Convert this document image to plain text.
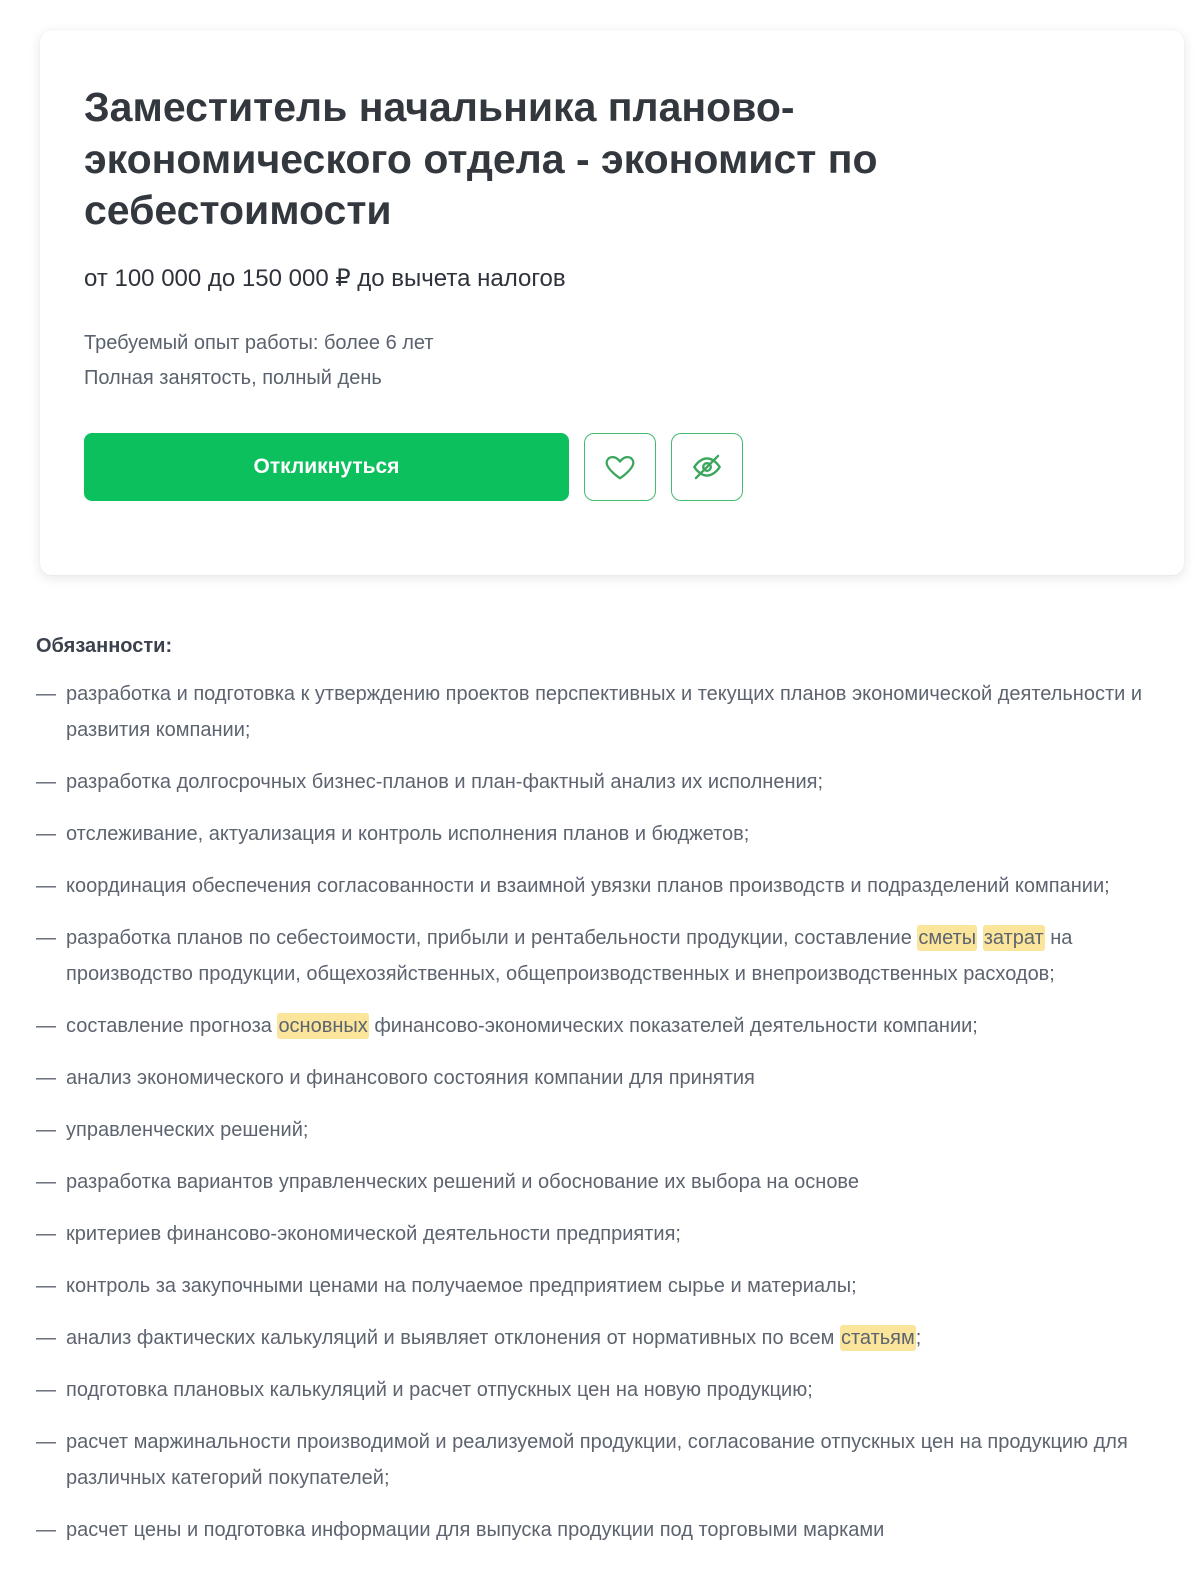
Заместитель начальника планово-экономического отдела - экономист по себестоимости
от 100 000 до 150 000 ₽ до вычета налогов
Требуемый опыт работы: более 6 лет
Полная занятость, полный день
Откликнуться
Обязанности:
— разработка и подготовка к утверждению проектов перспективных и текущих планов экономической деятельности и развития компании;
— разработка долгосрочных бизнес-планов и план-фактный анализ их исполнения;
— отслеживание, актуализация и контроль исполнения планов и бюджетов;
— координация обеспечения согласованности и взаимной увязки планов производств и подразделений компании;
— разработка планов по себестоимости, прибыли и рентабельности продукции, составление сметы затрат на производство продукции, общехозяйственных, общепроизводственных и внепроизводственных расходов;
— составление прогноза основных финансово-экономических показателей деятельности компании;
— анализ экономического и финансового состояния компании для принятия
— управленческих решений;
— разработка вариантов управленческих решений и обоснование их выбора на основе
— критериев финансово-экономической деятельности предприятия;
— контроль за закупочными ценами на получаемое предприятием сырье и материалы;
— анализ фактических калькуляций и выявляет отклонения от нормативных по всем статьям;
— подготовка плановых калькуляций и расчет отпускных цен на новую продукцию;
— расчет маржинальности производимой и реализуемой продукции, согласование отпускных цен на продукцию для различных категорий покупателей;
— расчет цены и подготовка информации для выпуска продукции под торговыми марками
